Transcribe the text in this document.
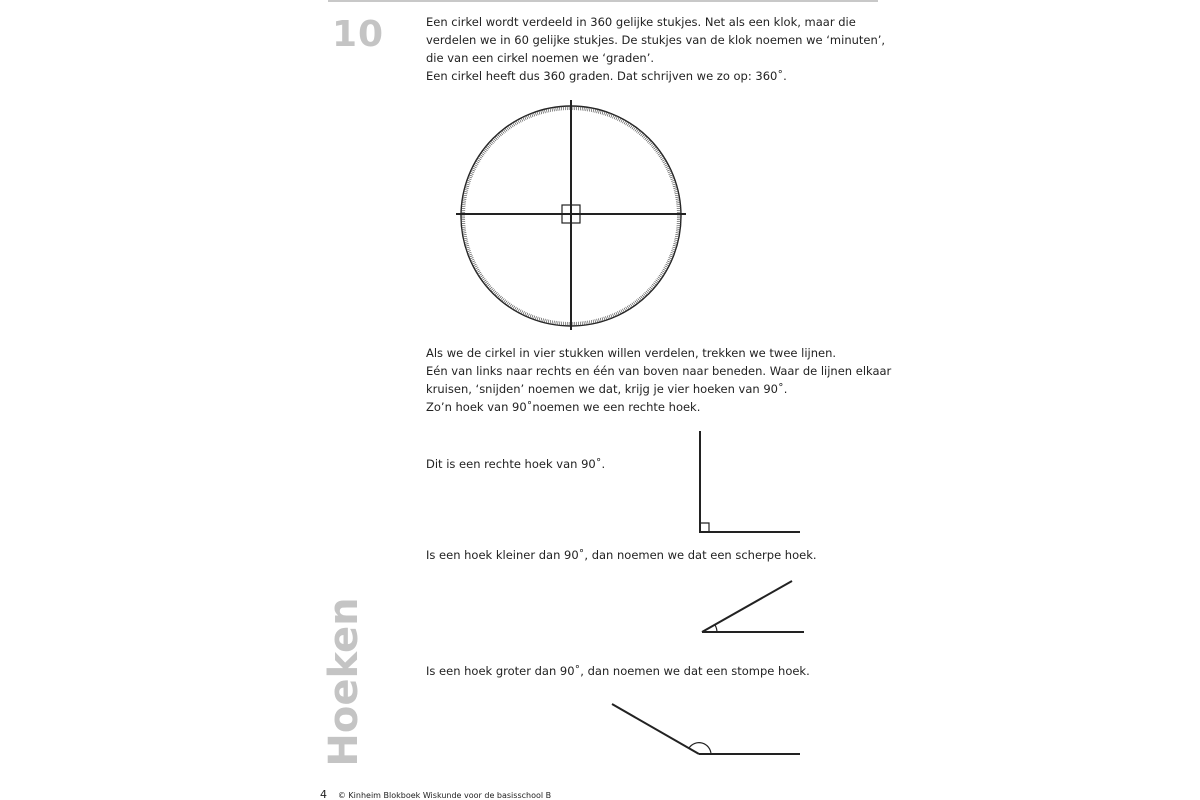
10
Hoeken
Een cirkel wordt verdeeld in 360 gelijke stukjes. Net als een klok, maar die
verdelen we in 60 gelijke stukjes. De stukjes van de klok noemen we ‘minuten’,
die van een cirkel noemen we ‘graden’.
Een cirkel heeft dus 360 graden. Dat schrijven we zo op: 360˚.
Als we de cirkel in vier stukken willen verdelen, trekken we twee lijnen.
Eén van links naar rechts en één van boven naar beneden. Waar de lijnen elkaar
kruisen, ‘snijden’ noemen we dat, krijg je vier hoeken van 90˚.
Zo’n hoek van 90˚noemen we een rechte hoek.
Dit is een rechte hoek van 90˚.
Is een hoek kleiner dan 90˚, dan noemen we dat een scherpe hoek.
Is een hoek groter dan 90˚, dan noemen we dat een stompe hoek.
4 © Kinheim Blokboek Wiskunde voor de basisschool B
